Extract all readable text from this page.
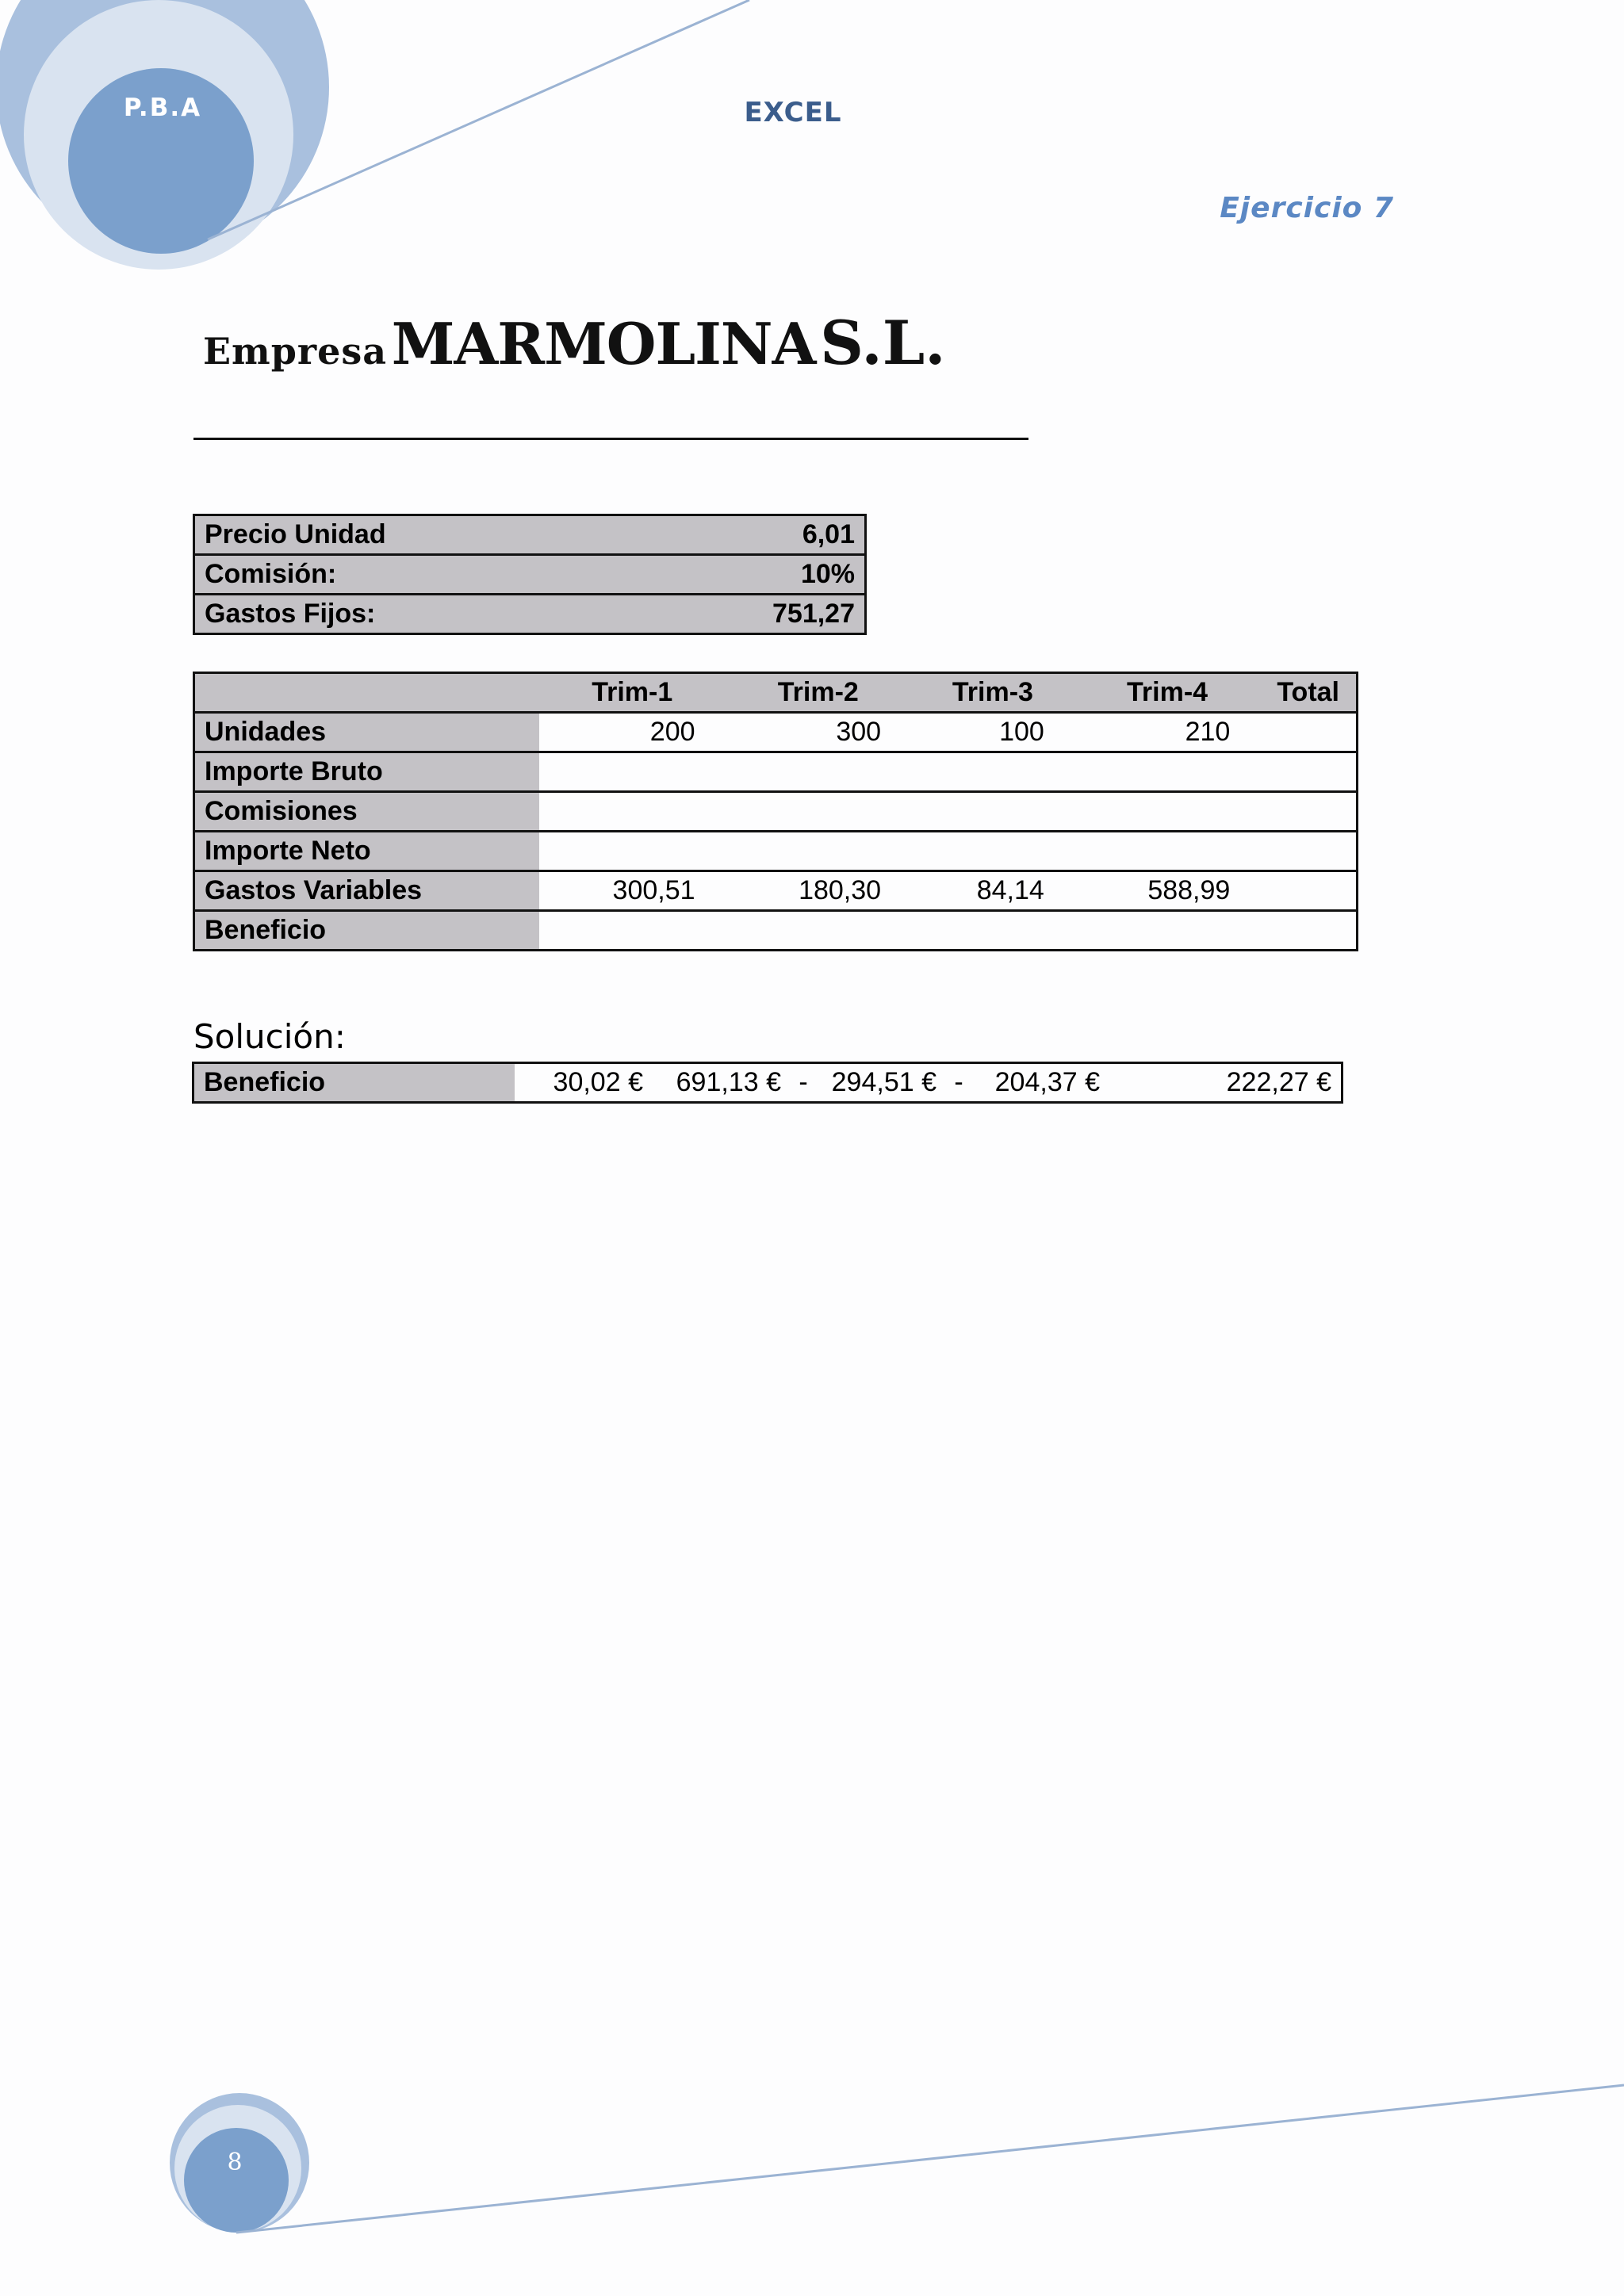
P.B.A	EXCEL
Ejercicio 7
Empresa MARMOLINA S.L.
Precio Unidad	6,01
Comisión:	10%
Gastos Fijos:	751,27
	Trim-1	Trim-2	Trim-3	Trim-4	Total
Unidades	200	300	100	210	
Importe Bruto					
Comisiones					
Importe Neto					
Gastos Variables	300,51	180,30	84,14	588,99	
Beneficio					
Solución:
Beneficio	30,02 €	691,13 €	-	294,51 €	-	204,37 €	222,27 €
8
